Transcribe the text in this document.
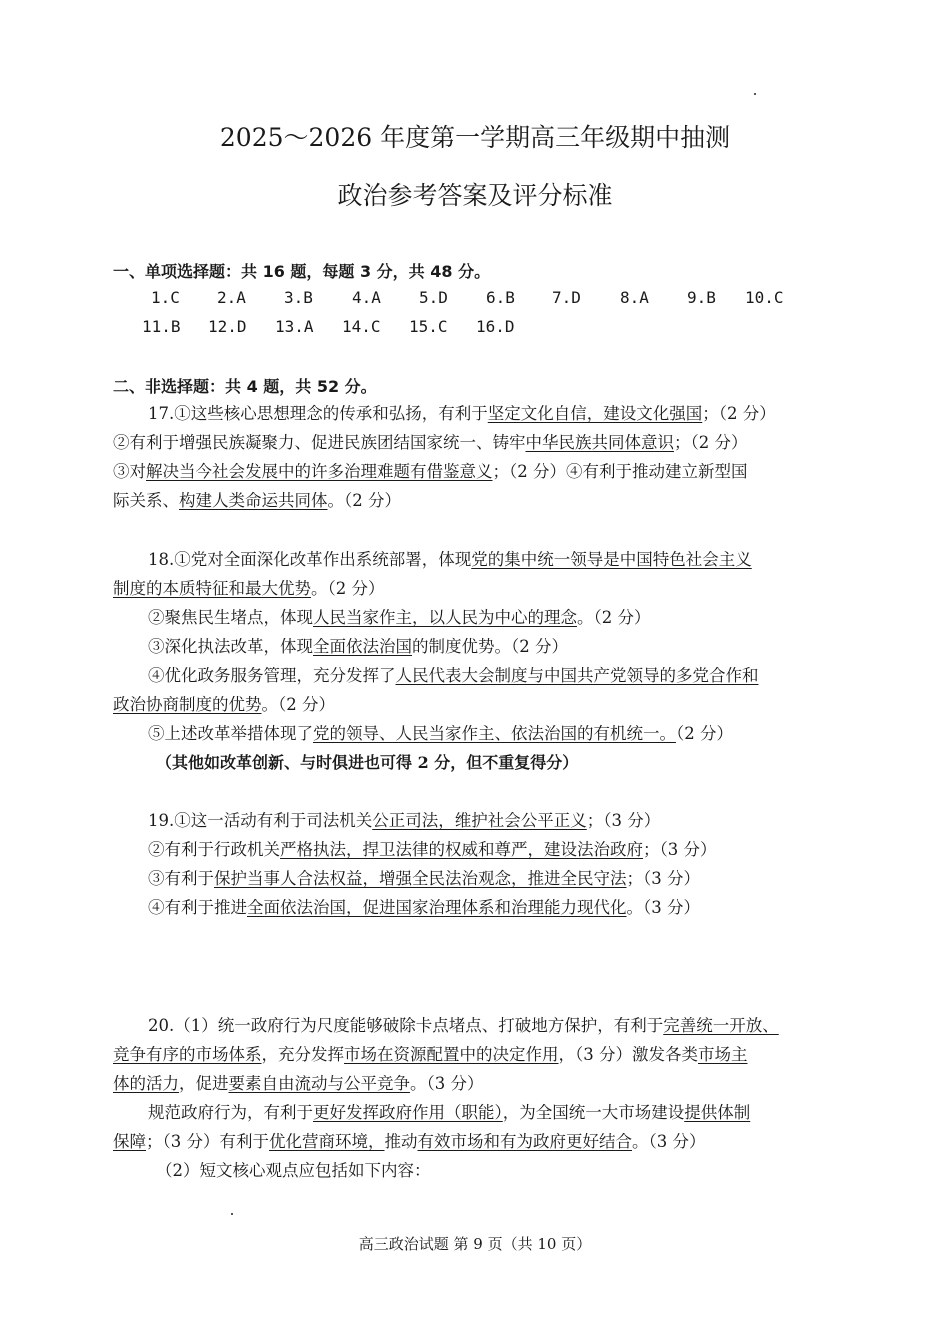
2025～2026 年度第一学期高三年级期中抽测
政治参考答案及评分标准
一、单项选择题：共 16 题，每题 3 分，共 48 分。
1.C 2.A 3.B 4.A 5.D 6.B 7.D 8.A 9.B 10.C
11.B 12.D 13.A 14.C 15.C 16.D
二、非选择题：共 4 题，共 52 分。
17.①这些核心思想理念的传承和弘扬，有利于坚定文化自信，建设文化强国；（2 分）
②有利于增强民族凝聚力、促进民族团结国家统一、铸牢中华民族共同体意识；（2 分）
③对解决当今社会发展中的许多治理难题有借鉴意义；（2 分）④有利于推动建立新型国
际关系、构建人类命运共同体。（2 分）
18.①党对全面深化改革作出系统部署，体现党的集中统一领导是中国特色社会主义
制度的本质特征和最大优势。（2 分）
②聚焦民生堵点，体现人民当家作主，以人民为中心的理念。（2 分）
③深化执法改革，体现全面依法治国的制度优势。（2 分）
④优化政务服务管理，充分发挥了人民代表大会制度与中国共产党领导的多党合作和
政治协商制度的优势。（2 分）
⑤上述改革举措体现了党的领导、人民当家作主、依法治国的有机统一。（2 分）
（其他如改革创新、与时俱进也可得 2 分，但不重复得分）
19.①这一活动有利于司法机关公正司法，维护社会公平正义；（3 分）
②有利于行政机关严格执法，捍卫法律的权威和尊严，建设法治政府；（3 分）
③有利于保护当事人合法权益，增强全民法治观念，推进全民守法；（3 分）
④有利于推进全面依法治国，促进国家治理体系和治理能力现代化。（3 分）
20.（1）统一政府行为尺度能够破除卡点堵点、打破地方保护，有利于完善统一开放、
竞争有序的市场体系，充分发挥市场在资源配置中的决定作用，（3 分）激发各类市场主
体的活力，促进要素自由流动与公平竞争。（3 分）
规范政府行为，有利于更好发挥政府作用（职能），为全国统一大市场建设提供体制
保障；（3 分）有利于优化营商环境，推动有效市场和有为政府更好结合。（3 分）
（2）短文核心观点应包括如下内容：
高三政治试题 第 9 页（共 10 页）
